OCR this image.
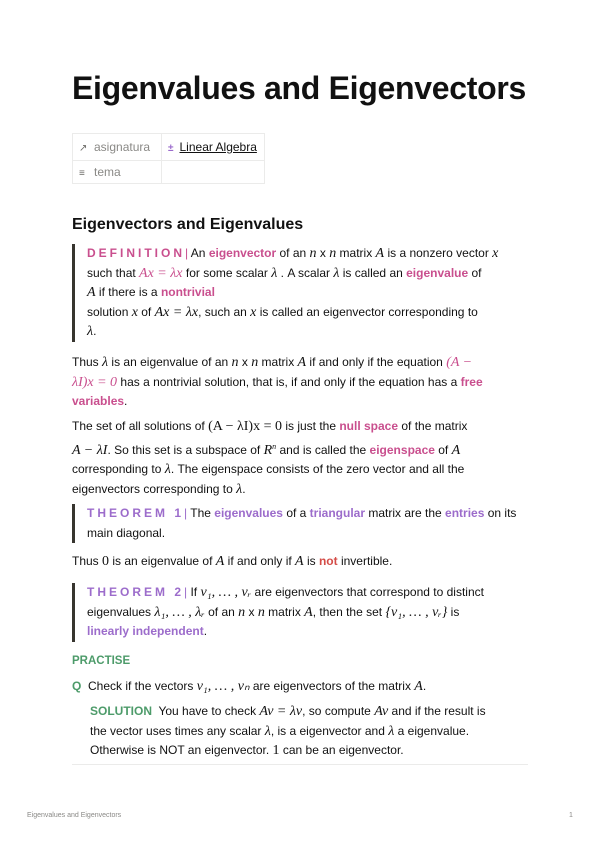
Eigenvalues and Eigenvectors
↗ asignatura	± Linear Algebra
≡ tema	
Eigenvectors and Eigenvalues
DEFINITION| An eigenvector of an n x n matrix A is a nonzero vector x
such that Ax = λx for some scalar λ . A scalar λ is called an eigenvalue of
A if there is a nontrivial
solution x of Ax = λx, such an x is called an eigenvector corresponding to
λ.
Thus λ is an eigenvalue of an n x n matrix A if and only if the equation (A −
λI)x = 0 has a nontrivial solution, that is, if and only if the equation has a free
variables.
The set of all solutions of (A − λI)x = 0 is just the null space of the matrix
A − λI. So this set is a subspace of $R^n$ and is called the eigenspace of A
corresponding to λ. The eigenspace consists of the zero vector and all the
eigenvectors corresponding to λ.
THEOREM 1| The eigenvalues of a triangular matrix are the entries on its
main diagonal.
Thus 0 is an eigenvalue of A if and only if A is not invertible.
THEOREM 2| If v₁, … , vᵣ are eigenvectors that correspond to distinct
eigenvalues λ₁, … , λᵣ of an n x n matrix A, then the set {v₁, … , vᵣ} is
linearly independent.
PRACTISE
Q Check if the vectors v₁, … , vₙ are eigenvectors of the matrix A.
SOLUTION  You have to check Av = λv, so compute Av and if the result is
the vector uses times any scalar λ, is a eigenvector and λ a eigenvalue.
Otherwise is NOT an eigenvector. 1 can be an eigenvector.
Eigenvalues and Eigenvectors	1
